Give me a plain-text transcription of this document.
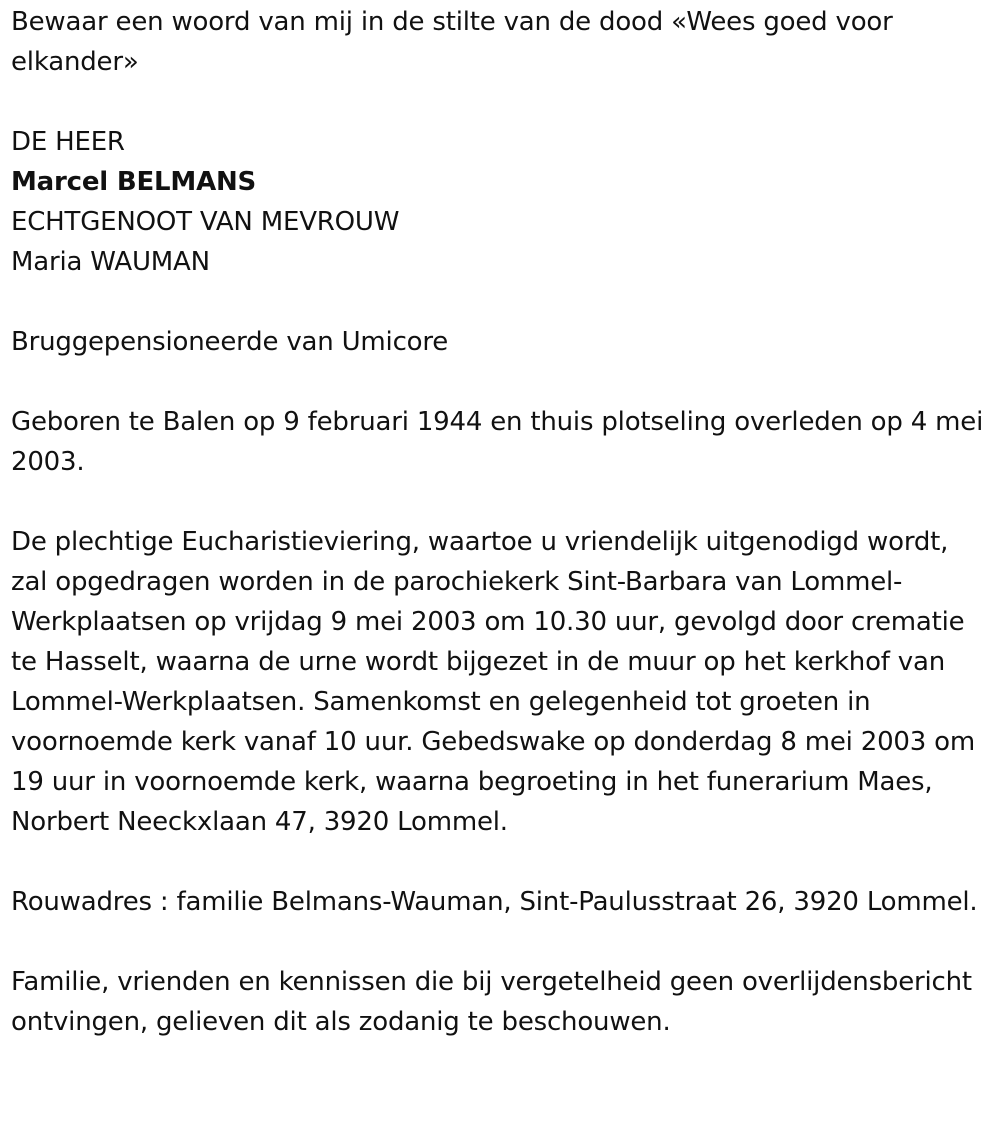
Bewaar een woord van mij in de stilte van de dood «Wees goed voor elkander»

DE HEER

Marcel BELMANS

ECHTGENOOT VAN MEVROUW

Maria WAUMAN

Bruggepensioneerde van Umicore

Geboren te Balen op 9 februari 1944 en thuis plotseling overleden op 4 mei 2003.

De plechtige Eucharistieviering, waartoe u vriendelijk uitgenodigd wordt, zal opgedragen worden in de parochiekerk Sint-Barbara van Lommel-Werkplaatsen op vrijdag 9 mei 2003 om 10.30 uur, gevolgd door crematie te Hasselt, waarna de urne wordt bijgezet in de muur op het kerkhof van Lommel-Werkplaatsen. Samenkomst en gelegenheid tot groeten in voornoemde kerk vanaf 10 uur. Gebedswake op donderdag 8 mei 2003 om 19 uur in voornoemde kerk, waarna begroeting in het funerarium Maes, Norbert Neeckxlaan 47, 3920 Lommel.

Rouwadres : familie Belmans-Wauman, Sint-Paulusstraat 26, 3920 Lommel.

Familie, vrienden en kennissen die bij vergetelheid geen overlijdensbericht ontvingen, gelieven dit als zodanig te beschouwen.
